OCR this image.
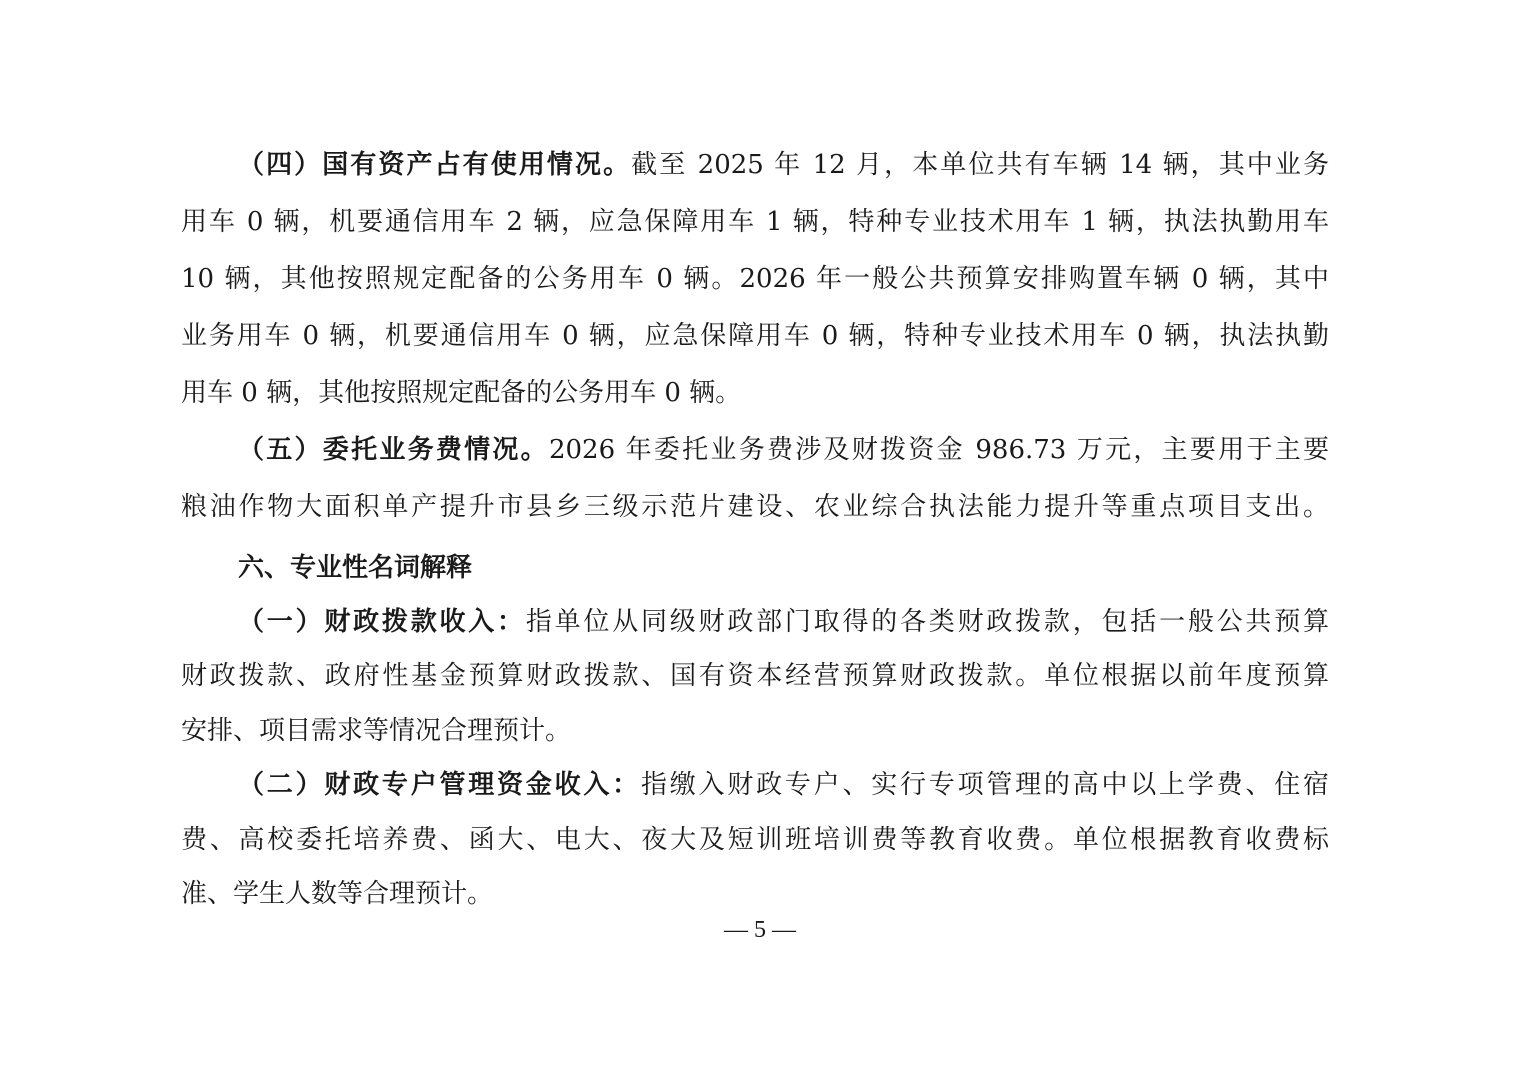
（四）国有资产占有使用情况。截至 2025 年 12 月，本单位共有车辆 14 辆，其中业务
用车 0 辆，机要通信用车 2 辆，应急保障用车 1 辆，特种专业技术用车 1 辆，执法执勤用车
10 辆，其他按照规定配备的公务用车 0 辆。2026 年一般公共预算安排购置车辆 0 辆，其中
业务用车 0 辆，机要通信用车 0 辆，应急保障用车 0 辆，特种专业技术用车 0 辆，执法执勤
用车 0 辆，其他按照规定配备的公务用车 0 辆。
（五）委托业务费情况。2026 年委托业务费涉及财拨资金 986.73 万元，主要用于主要
粮油作物大面积单产提升市县乡三级示范片建设、农业综合执法能力提升等重点项目支出。
六、专业性名词解释
（一）财政拨款收入：指单位从同级财政部门取得的各类财政拨款，包括一般公共预算
财政拨款、政府性基金预算财政拨款、国有资本经营预算财政拨款。单位根据以前年度预算
安排、项目需求等情况合理预计。
（二）财政专户管理资金收入：指缴入财政专户、实行专项管理的高中以上学费、住宿
费、高校委托培养费、函大、电大、夜大及短训班培训费等教育收费。单位根据教育收费标
准、学生人数等合理预计。
— 5 —
